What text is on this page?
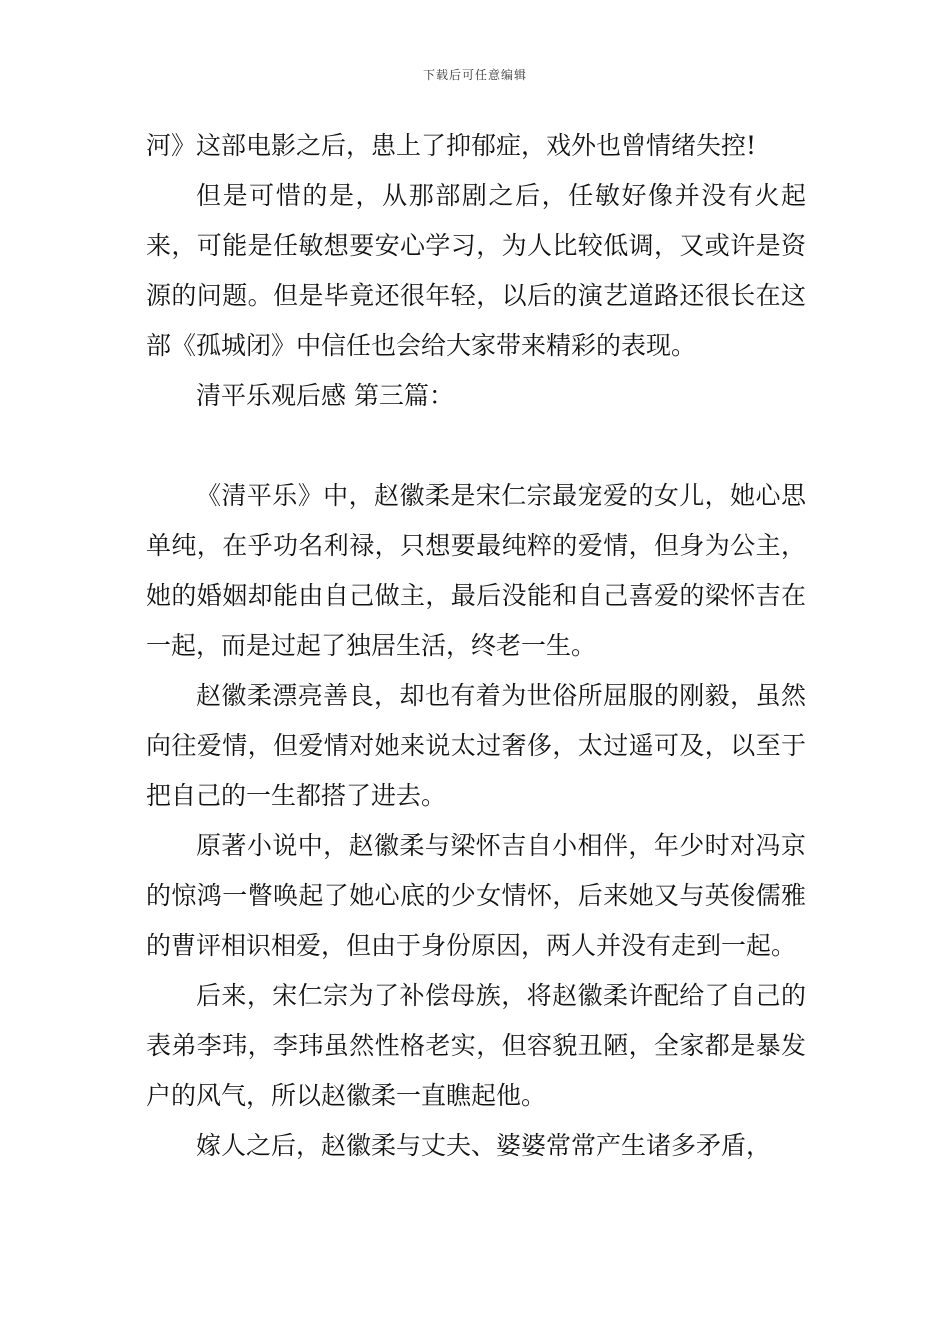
下载后可任意编辑

河》这部电影之后，患上了抑郁症，戏外也曾情绪失控!

但是可惜的是，从那部剧之后，任敏好像并没有火起来，可能是任敏想要安心学习，为人比较低调，又或许是资源的问题。但是毕竟还很年轻，以后的演艺道路还很长在这部《孤城闭》中信任也会给大家带来精彩的表现。

清平乐观后感 第三篇：

《清平乐》中，赵徽柔是宋仁宗最宠爱的女儿，她心思单纯，在乎功名利禄，只想要最纯粹的爱情，但身为公主，她的婚姻却能由自己做主，最后没能和自己喜爱的梁怀吉在一起，而是过起了独居生活，终老一生。

赵徽柔漂亮善良，却也有着为世俗所屈服的刚毅，虽然向往爱情，但爱情对她来说太过奢侈，太过遥可及，以至于把自己的一生都搭了进去。

原著小说中，赵徽柔与梁怀吉自小相伴，年少时对冯京的惊鸿一瞥唤起了她心底的少女情怀，后来她又与英俊儒雅的曹评相识相爱，但由于身份原因，两人并没有走到一起。

后来，宋仁宗为了补偿母族，将赵徽柔许配给了自己的表弟李玮，李玮虽然性格老实，但容貌丑陋，全家都是暴发户的风气，所以赵徽柔一直瞧起他。

嫁人之后，赵徽柔与丈夫、婆婆常常产生诸多矛盾，
